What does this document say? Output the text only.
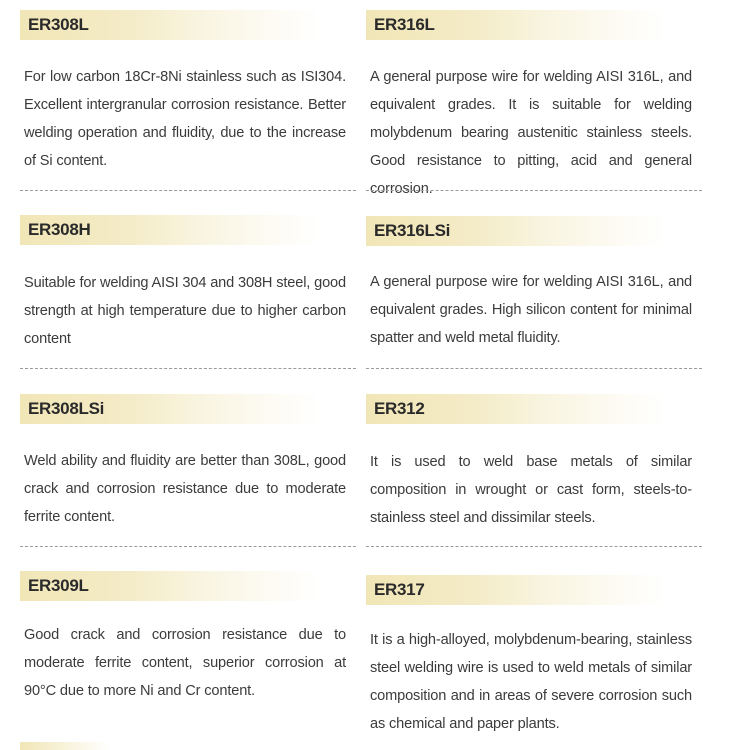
ER308L
For low carbon 18Cr-8Ni stainless such as ISI304. Excellent intergranular corrosion resistance. Better welding operation and fluidity, due to the increase of Si content.
ER308H
Suitable for welding AISI 304 and 308H steel, good strength at high temperature due to higher carbon content
ER308LSi
Weld ability and fluidity are better than 308L, good crack and corrosion resistance due to moderate ferrite content.
ER309L
Good crack and corrosion resistance due to moderate ferrite content, superior corrosion at 90°C due to more Ni and Cr content.
ER316L
A general purpose wire for welding AISI 316L, and equivalent grades. It is suitable for welding molybdenum bearing austenitic stainless steels. Good resistance to pitting, acid and general corrosion.
ER316LSi
A general purpose wire for welding AISI 316L, and equivalent grades. High silicon content for minimal spatter and weld metal fluidity.
ER312
It is used to weld base metals of similar composition in wrought or cast form, steels-to-stainless steel and dissimilar steels.
ER317
It is a high-alloyed, molybdenum-bearing, stainless steel welding wire is used to weld metals of similar composition and in areas of severe corrosion such as chemical and paper plants.
